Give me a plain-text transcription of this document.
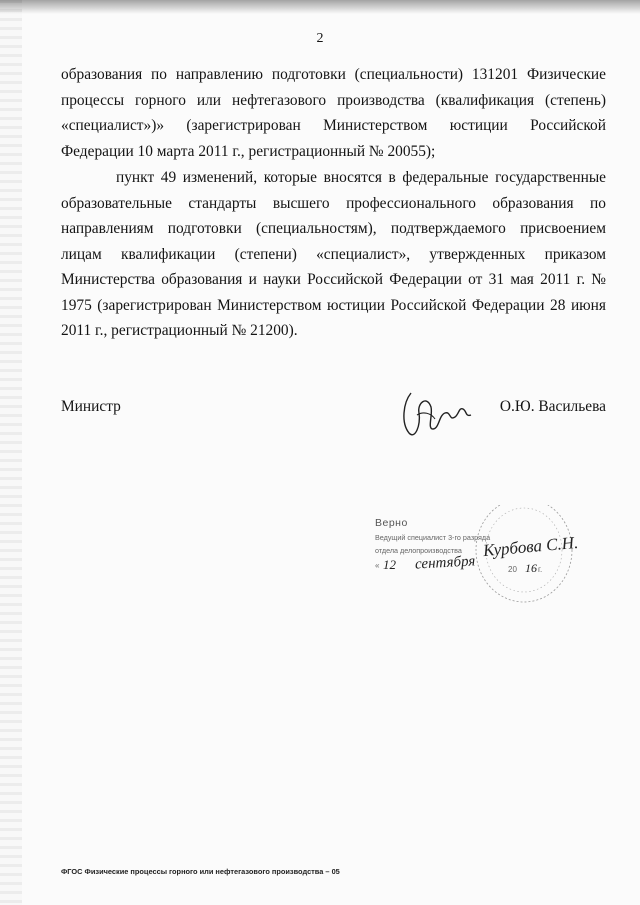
2

образования по направлению подготовки (специальности) 131201 Физические процессы горного или нефтегазового производства (квалификация (степень) «специалист»)» (зарегистрирован Министерством юстиции Российской Федерации 10 марта 2011 г., регистрационный № 20055);

пункт 49 изменений, которые вносятся в федеральные государственные образовательные стандарты высшего профессионального образования по направлениям подготовки (специальностям), подтверждаемого присвоением лицам квалификации (степени) «специалист», утвержденных приказом Министерства образования и науки Российской Федерации от 31 мая 2011 г. № 1975 (зарегистрирован Министерством юстиции Российской Федерации 28 июня 2011 г., регистрационный № 21200).

Министр	О.Ю. Васильева
Верно
Ведущий специалист 3-го разряда
отдела делопроизводства Курбова С.Н.
« 12 сентября	20 16 г.
ФГОС Физические процессы горного или нефтегазового производства – 05
